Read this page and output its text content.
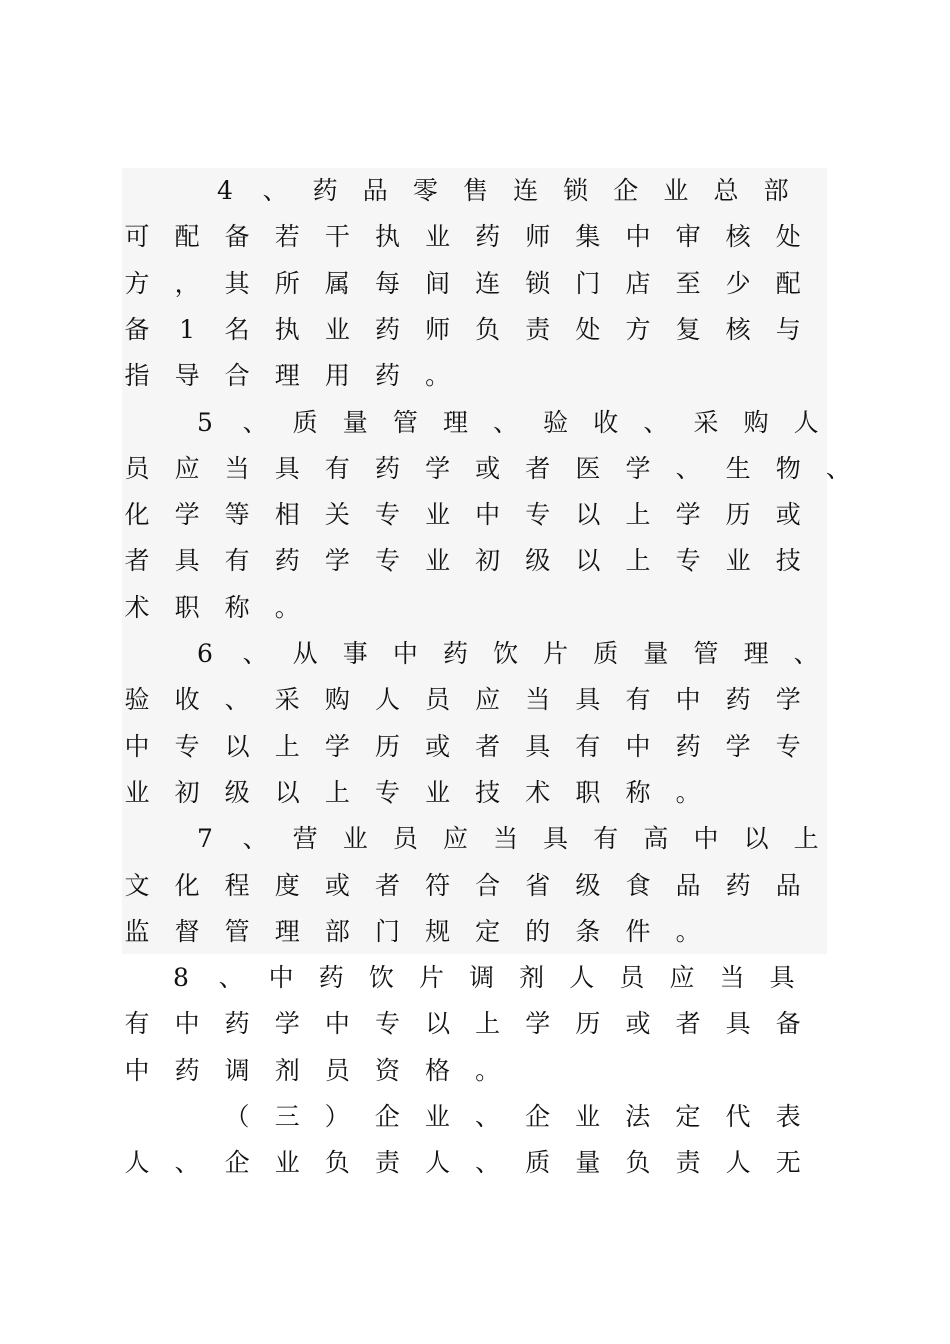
4 、 药 品 零 售 连 锁 企 业 总 部
可 配 备 若 干 执 业 药 师 集 中 审 核 处
方 ， 其 所 属 每 间 连 锁 门 店 至 少 配
备 1 名 执 业 药 师 负 责 处 方 复 核 与
指 导 合 理 用 药 。
5 、 质 量 管 理 、 验 收 、 采 购 人
员 应 当 具 有 药 学 或 者 医 学 、 生 物 、
化 学 等 相 关 专 业 中 专 以 上 学 历 或
者 具 有 药 学 专 业 初 级 以 上 专 业 技
术 职 称 。
6 、 从 事 中 药 饮 片 质 量 管 理 、
验 收 、 采 购 人 员 应 当 具 有 中 药 学
中 专 以 上 学 历 或 者 具 有 中 药 学 专
业 初 级 以 上 专 业 技 术 职 称 。
7 、 营 业 员 应 当 具 有 高 中 以 上
文 化 程 度 或 者 符 合 省 级 食 品 药 品
监 督 管 理 部 门 规 定 的 条 件 。
8 、 中 药 饮 片 调 剂 人 员 应 当 具
有 中 药 学 中 专 以 上 学 历 或 者 具 备
中 药 调 剂 员 资 格 。
（ 三 ） 企 业 、 企 业 法 定 代 表
人 、 企 业 负 责 人 、 质 量 负 责 人 无
